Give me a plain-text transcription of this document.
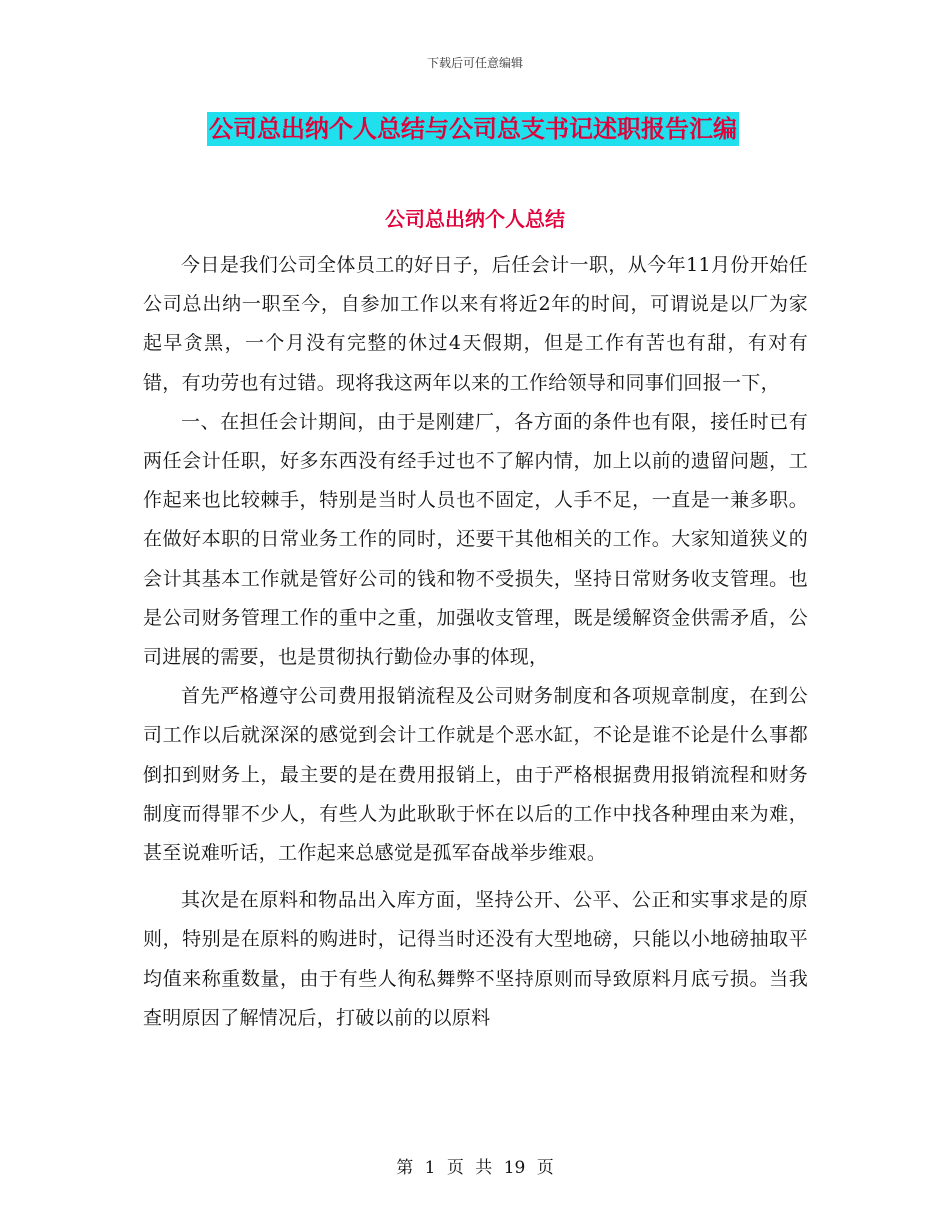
下载后可任意编辑
公司总出纳个人总结与公司总支书记述职报告汇编
公司总出纳个人总结

今日是我们公司全体员工的好日子，后任会计一职，从今年11月份开始任公司总出纳一职至今，自参加工作以来有将近2年的时间，可谓说是以厂为家起早贪黑，一个月没有完整的休过4天假期，但是工作有苦也有甜，有对有错，有功劳也有过错。现将我这两年以来的工作给领导和同事们回报一下，

一、在担任会计期间，由于是刚建厂，各方面的条件也有限，接任时已有两任会计任职，好多东西没有经手过也不了解内情，加上以前的遗留问题，工作起来也比较棘手，特别是当时人员也不固定，人手不足，一直是一兼多职。在做好本职的日常业务工作的同时，还要干其他相关的工作。大家知道狭义的会计其基本工作就是管好公司的钱和物不受损失，坚持日常财务收支管理。也是公司财务管理工作的重中之重，加强收支管理，既是缓解资金供需矛盾，公司进展的需要，也是贯彻执行勤俭办事的体现，

首先严格遵守公司费用报销流程及公司财务制度和各项规章制度，在到公司工作以后就深深的感觉到会计工作就是个恶水缸，不论是谁不论是什么事都倒扣到财务上，最主要的是在费用报销上，由于严格根据费用报销流程和财务制度而得罪不少人，有些人为此耿耿于怀在以后的工作中找各种理由来为难，甚至说难听话，工作起来总感觉是孤军奋战举步维艰。

其次是在原料和物品出入库方面，坚持公开、公平、公正和实事求是的原则，特别是在原料的购进时，记得当时还没有大型地磅，只能以小地磅抽取平均值来称重数量，由于有些人徇私舞弊不坚持原则而导致原料月底亏损。当我查明原因了解情况后，打破以前的以原料

第 1 页 共 19 页
